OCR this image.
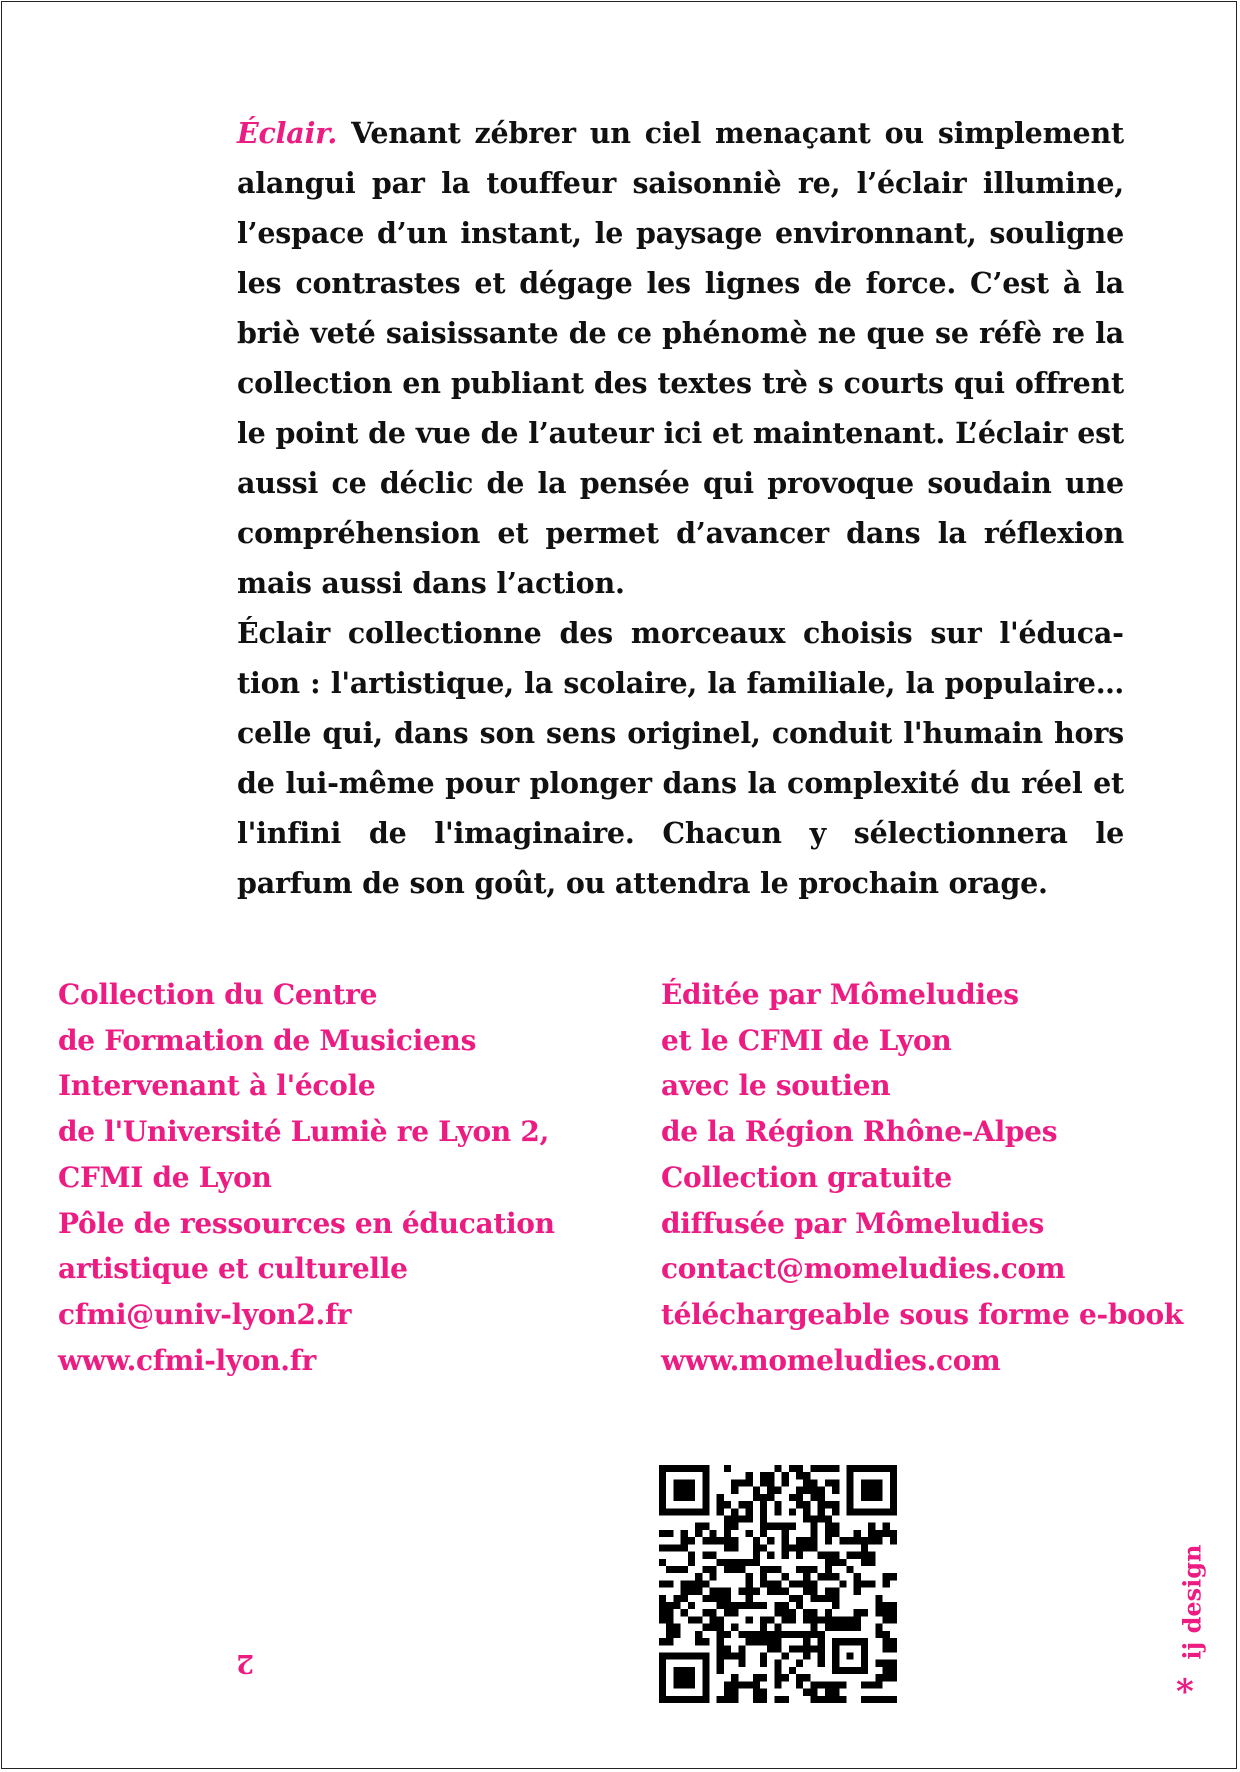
Éclair. Venant zébrer un ciel menaçant ou simplement alangui par la touffeur saisonniè re, l’éclair illumine, l’espace d’un instant, le paysage environnant, souligne les contrastes et dégage les lignes de force. C’est à la briè veté saisissante de ce phénomè ne que se réfè re la collection en publiant des textes trè s courts qui offrent le point de vue de l’auteur ici et maintenant. L’éclair est aussi ce déclic de la pensée qui provoque soudain une compréhension et permet d’avancer dans la réflexion mais aussi dans l’action.

Éclair collectionne des morceaux choisis sur l'éducation : l'artistique, la scolaire, la familiale, la populaire… celle qui, dans son sens originel, conduit l'humain hors de lui-même pour plonger dans la complexité du réel et l'infini de l'imaginaire. Chacun y sélectionnera le parfum de son goût, ou attendra le prochain orage.

Collection du Centre
de Formation de Musiciens
Intervenant à l'école
de l'Université Lumiè re Lyon 2,
CFMI de Lyon
Pôle de ressources en éducation
artistique et culturelle
cfmi@univ-lyon2.fr
www.cfmi-lyon.fr
Éditée par Mômeludies
et le CFMI de Lyon
avec le soutien
de la Région Rhône-Alpes
Collection gratuite
diffusée par Mômeludies
contact@momeludies.com
téléchargeable sous forme e-book
www.momeludies.com
2
ij design
*
